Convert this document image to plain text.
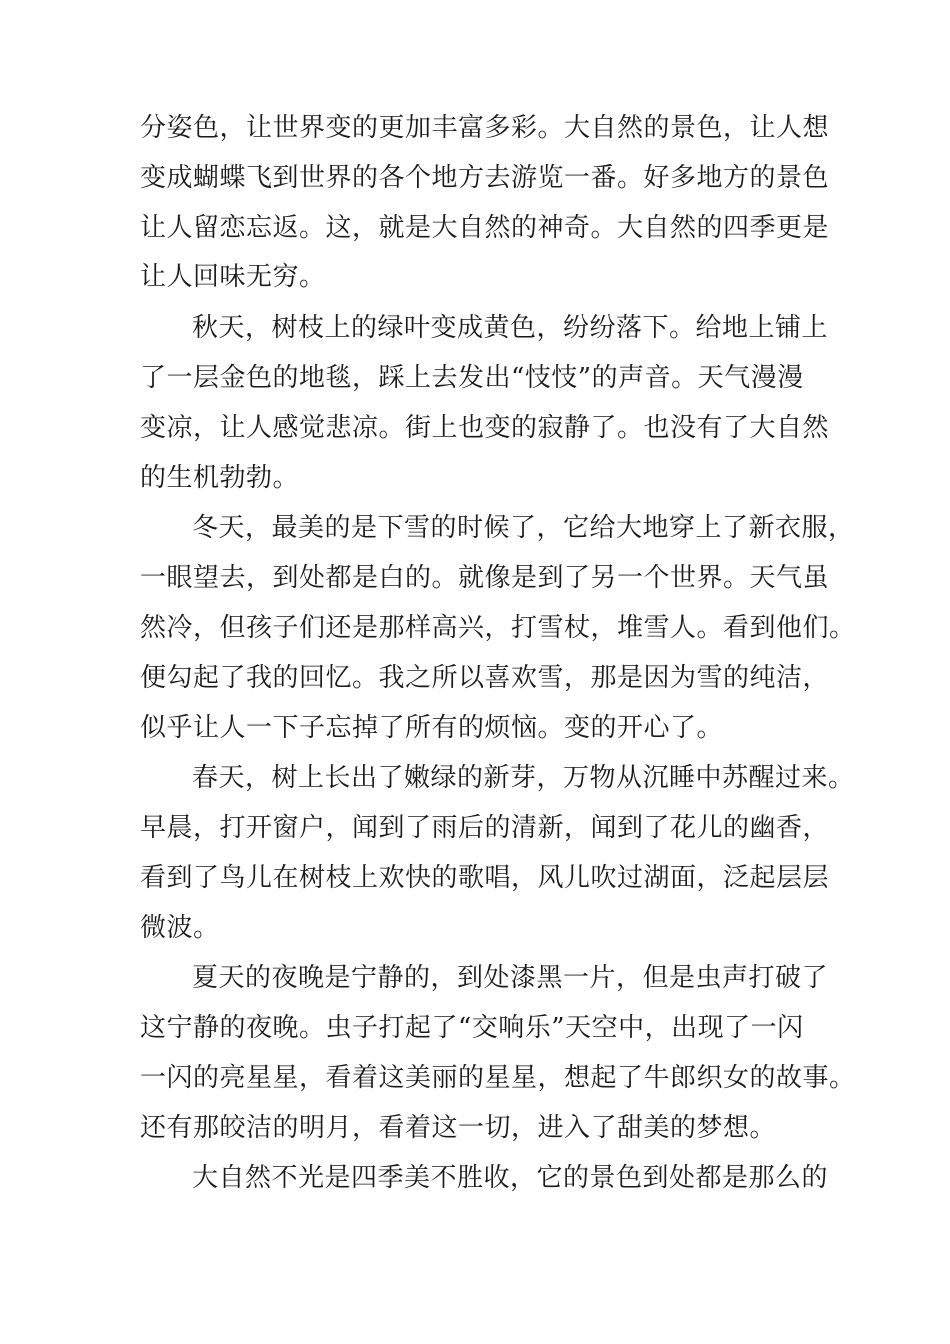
分姿色，让世界变的更加丰富多彩。大自然的景色，让人想
变成蝴蝶飞到世界的各个地方去游览一番。好多地方的景色
让人留恋忘返。这，就是大自然的神奇。大自然的四季更是
让人回味无穷。
秋天，树枝上的绿叶变成黄色，纷纷落下。给地上铺上
了一层金色的地毯，踩上去发出“忮忮”的声音。天气漫漫
变凉，让人感觉悲凉。街上也变的寂静了。也没有了大自然
的生机勃勃。
冬天，最美的是下雪的时候了，它给大地穿上了新衣服，
一眼望去，到处都是白的。就像是到了另一个世界。天气虽
然冷，但孩子们还是那样高兴，打雪杖，堆雪人。看到他们。
便勾起了我的回忆。我之所以喜欢雪，那是因为雪的纯洁，
似乎让人一下子忘掉了所有的烦恼。变的开心了。
春天，树上长出了嫩绿的新芽，万物从沉睡中苏醒过来。
早晨，打开窗户，闻到了雨后的清新，闻到了花儿的幽香，
看到了鸟儿在树枝上欢快的歌唱，风儿吹过湖面，泛起层层
微波。
夏天的夜晚是宁静的，到处漆黑一片，但是虫声打破了
这宁静的夜晚。虫子打起了“交响乐”天空中，出现了一闪
一闪的亮星星，看着这美丽的星星，想起了牛郎织女的故事。
还有那皎洁的明月，看着这一切，进入了甜美的梦想。
大自然不光是四季美不胜收，它的景色到处都是那么的
